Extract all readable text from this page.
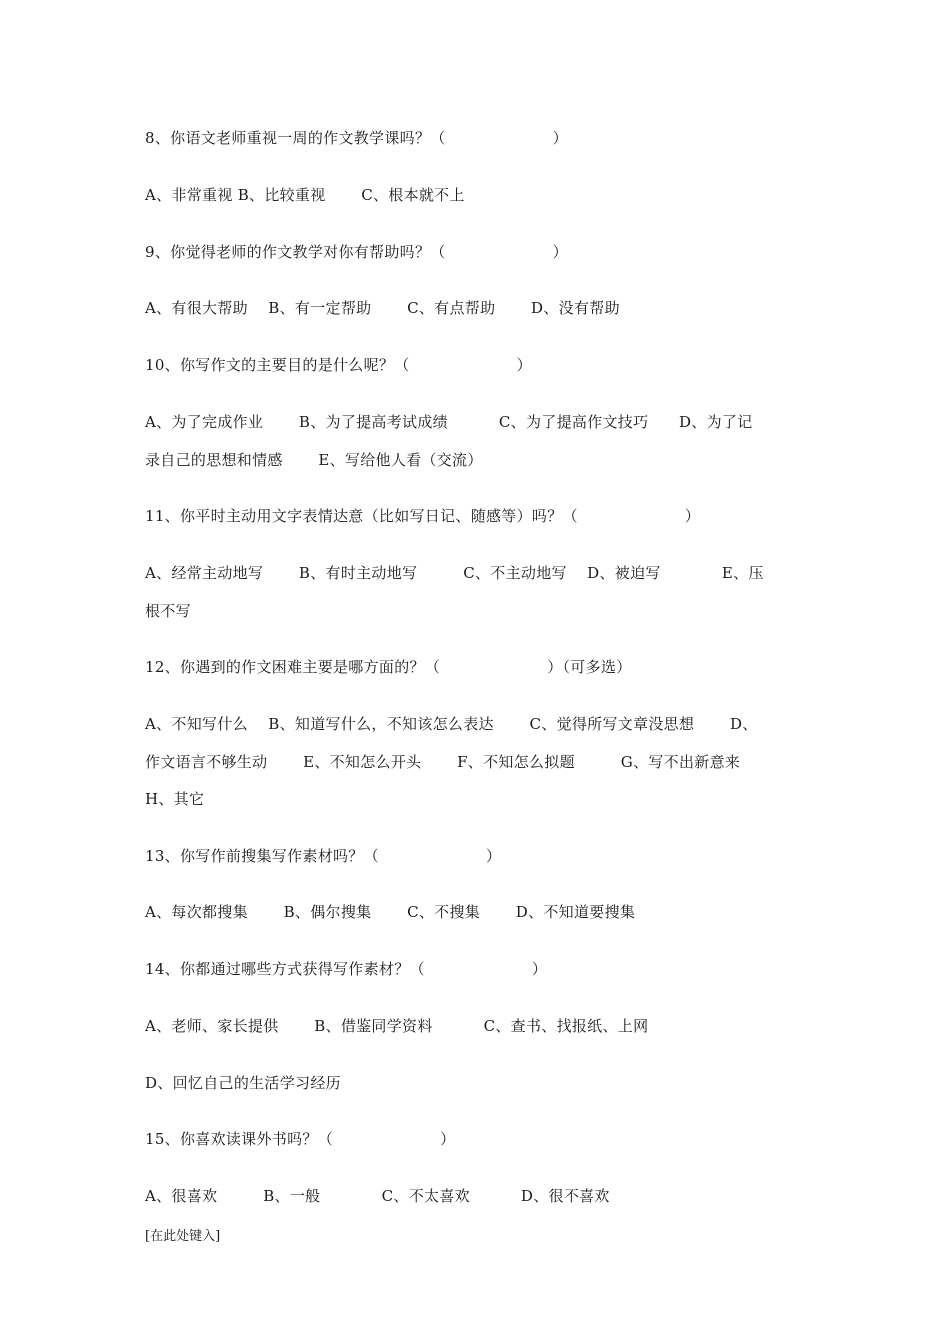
8、你语文老师重视一周的作文教学课吗？（　　　　　　　）
A、非常重视 B、比较重视　　 C、根本就不上
9、你觉得老师的作文教学对你有帮助吗？（　　　　　　　）
A、有很大帮助　 B、有一定帮助　　 C、有点帮助　　 D、没有帮助
10、你写作文的主要目的是什么呢？（　　　　　　　）
A、为了完成作业　　 B、为了提高考试成绩　　　 C、为了提高作文技巧　　D、为了记
录自己的思想和情感　　 E、写给他人看（交流）
11、你平时主动用文字表情达意（比如写日记、随感等）吗？（　　　　　　　）
A、经常主动地写　　 B、有时主动地写　　　C、不主动地写　 D、被迫写　　　　E、压
根不写
12、你遇到的作文困难主要是哪方面的？（　　　　　　　）（可多选）
A、不知写什么　 B、知道写什么，不知该怎么表达　　 C、觉得所写文章没思想　　 D、
作文语言不够生动　　 E、不知怎么开头　　 F、不知怎么拟题　　　G、写不出新意来
H、其它
13、你写作前搜集写作素材吗？（　　　　　　　）
A、每次都搜集　　 B、偶尔搜集　　 C、不搜集　　 D、不知道要搜集
14、你都通过哪些方式获得写作素材？（　　　　　　　）
A、老师、家长提供　　 B、借鉴同学资料　　　 C、查书、找报纸、上网
D、回忆自己的生活学习经历
15、你喜欢读课外书吗？（　　　　　　　）
A、很喜欢　　　B、一般　　　　C、不太喜欢　　　 D、很不喜欢
[在此处键入]
